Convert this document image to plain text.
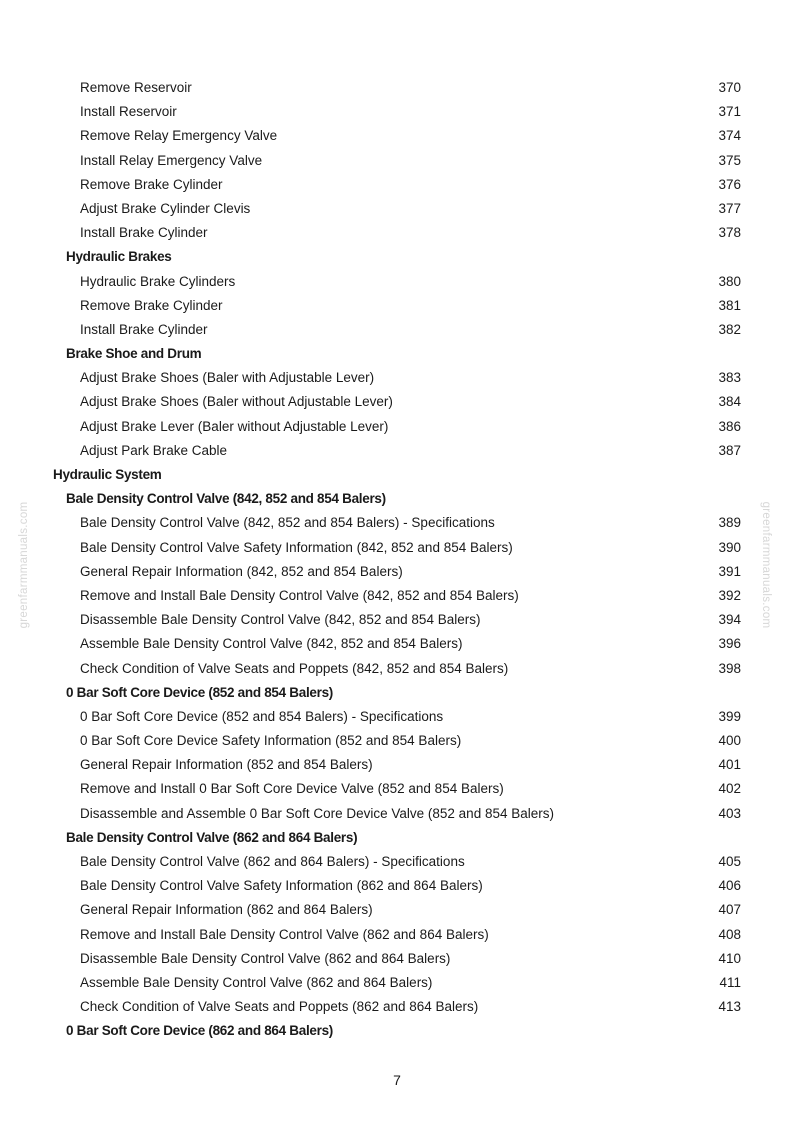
greenfarmmanuals.com	greenfarmmanuals.com
Remove Reservoir	370
Install Reservoir	371
Remove Relay Emergency Valve	374
Install Relay Emergency Valve	375
Remove Brake Cylinder	376
Adjust Brake Cylinder Clevis	377
Install Brake Cylinder	378
Hydraulic Brakes
Hydraulic Brake Cylinders	380
Remove Brake Cylinder	381
Install Brake Cylinder	382
Brake Shoe and Drum
Adjust Brake Shoes (Baler with Adjustable Lever)	383
Adjust Brake Shoes (Baler without Adjustable Lever)	384
Adjust Brake Lever (Baler without Adjustable Lever)	386
Adjust Park Brake Cable	387
Hydraulic System
Bale Density Control Valve (842, 852 and 854 Balers)
Bale Density Control Valve (842, 852 and 854 Balers) - Specifications	389
Bale Density Control Valve Safety Information (842, 852 and 854 Balers)	390
General Repair Information (842, 852 and 854 Balers)	391
Remove and Install Bale Density Control Valve (842, 852 and 854 Balers)	392
Disassemble Bale Density Control Valve (842, 852 and 854 Balers)	394
Assemble Bale Density Control Valve (842, 852 and 854 Balers)	396
Check Condition of Valve Seats and Poppets (842, 852 and 854 Balers)	398
0 Bar Soft Core Device (852 and 854 Balers)
0 Bar Soft Core Device (852 and 854 Balers) - Specifications	399
0 Bar Soft Core Device Safety Information (852 and 854 Balers)	400
General Repair Information (852 and 854 Balers)	401
Remove and Install 0 Bar Soft Core Device Valve (852 and 854 Balers)	402
Disassemble and Assemble 0 Bar Soft Core Device Valve (852 and 854 Balers)	403
Bale Density Control Valve (862 and 864 Balers)
Bale Density Control Valve (862 and 864 Balers) - Specifications	405
Bale Density Control Valve Safety Information (862 and 864 Balers)	406
General Repair Information (862 and 864 Balers)	407
Remove and Install Bale Density Control Valve (862 and 864 Balers)	408
Disassemble Bale Density Control Valve (862 and 864 Balers)	410
Assemble Bale Density Control Valve (862 and 864 Balers)	411
Check Condition of Valve Seats and Poppets (862 and 864 Balers)	413
0 Bar Soft Core Device (862 and 864 Balers)
7
